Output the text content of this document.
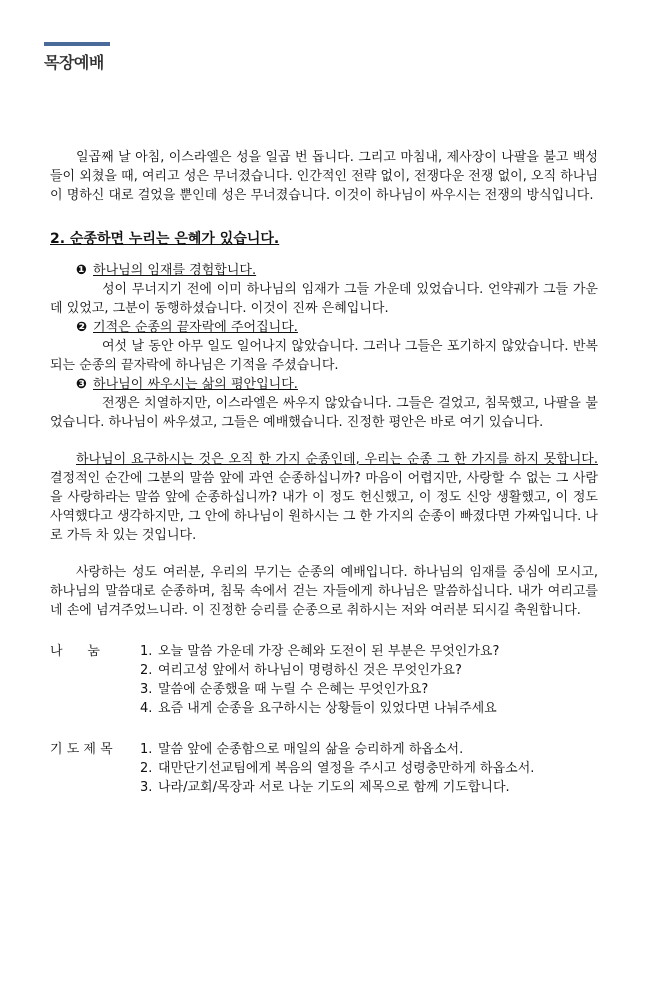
목장예배

일곱째 날 아침, 이스라엘은 성을 일곱 번 돕니다. 그리고 마침내, 제사장이 나팔을 불고 백성들이 외쳤을 때, 여리고 성은 무너졌습니다. 인간적인 전략 없이, 전쟁다운 전쟁 없이, 오직 하나님이 명하신 대로 걸었을 뿐인데 성은 무너졌습니다. 이것이 하나님이 싸우시는 전쟁의 방식입니다.

2. 순종하면 누리는 은혜가 있습니다.
❶ 하나님의 임재를 경험합니다.
성이 무너지기 전에 이미 하나님의 임재가 그들 가운데 있었습니다. 언약궤가 그들 가운데 있었고, 그분이 동행하셨습니다. 이것이 진짜 은혜입니다.
❷ 기적은 순종의 끝자락에 주어집니다.
여섯 날 동안 아무 일도 일어나지 않았습니다. 그러나 그들은 포기하지 않았습니다. 반복되는 순종의 끝자락에 하나님은 기적을 주셨습니다.
❸ 하나님이 싸우시는 삶의 평안입니다.
전쟁은 치열하지만, 이스라엘은 싸우지 않았습니다. 그들은 걸었고, 침묵했고, 나팔을 불었습니다. 하나님이 싸우셨고, 그들은 예배했습니다. 진정한 평안은 바로 여기 있습니다.

하나님이 요구하시는 것은 오직 한 가지 순종인데, 우리는 순종 그 한 가지를 하지 못합니다. 결정적인 순간에 그분의 말씀 앞에 과연 순종하십니까? 마음이 어렵지만, 사랑할 수 없는 그 사람을 사랑하라는 말씀 앞에 순종하십니까? 내가 이 정도 헌신했고, 이 정도 신앙 생활했고, 이 정도 사역했다고 생각하지만, 그 안에 하나님이 원하시는 그 한 가지의 순종이 빠졌다면 가짜입니다. 나로 가득 차 있는 것입니다.

사랑하는 성도 여러분, 우리의 무기는 순종의 예배입니다. 하나님의 임재를 중심에 모시고, 하나님의 말씀대로 순종하며, 침묵 속에서 걷는 자들에게 하나님은 말씀하십니다. 내가 여리고를 네 손에 넘겨주었느니라. 이 진정한 승리를 순종으로 취하시는 저와 여러분 되시길 축원합니다.

나      눔	1. 오늘 말씀 가운데 가장 은혜와 도전이 된 부분은 무엇인가요?
2. 여리고성 앞에서 하나님이 명령하신 것은 무엇인가요?
3. 말씀에 순종했을 때 누릴 수 은혜는 무엇인가요?
4. 요즘 내게 순종을 요구하시는 상황들이 있었다면 나눠주세요
기 도 제 목	1. 말씀 앞에 순종함으로 매일의 삶을 승리하게 하옵소서.
2. 대만단기선교팀에게 복음의 열정을 주시고 성령충만하게 하옵소서.
3. 나라/교회/목장과 서로 나눈 기도의 제목으로 함께 기도합니다.
